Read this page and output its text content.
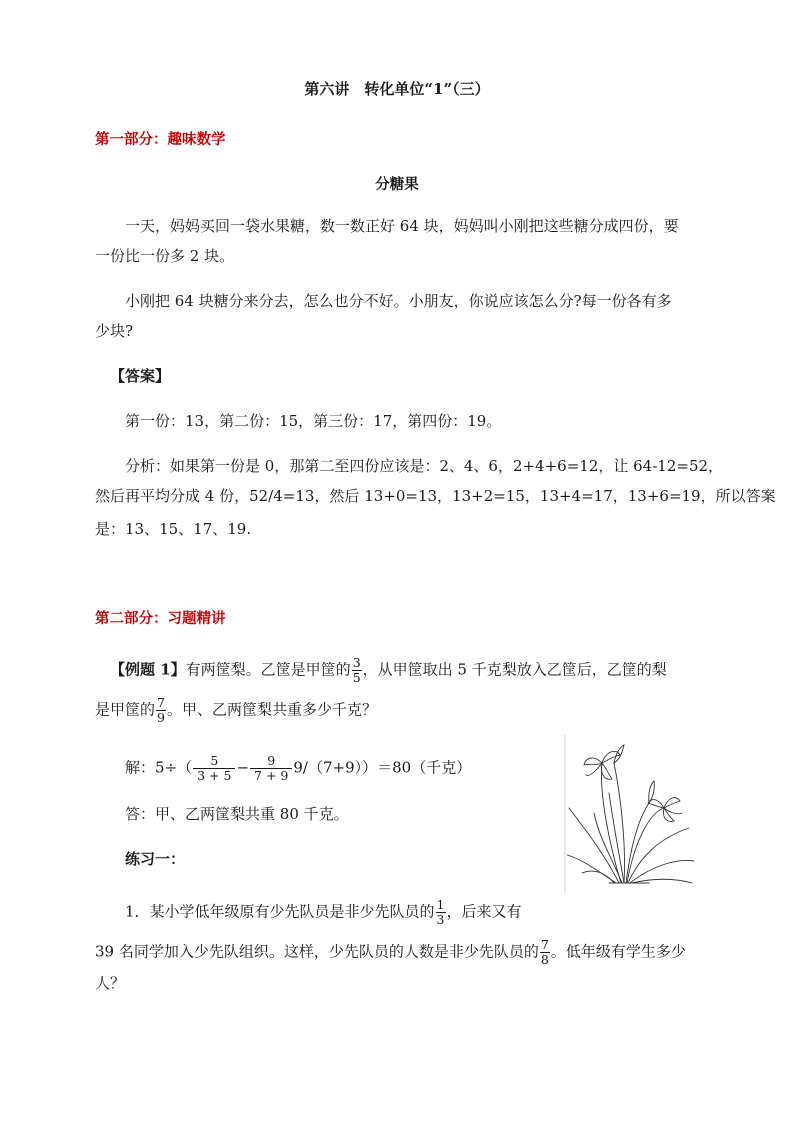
第六讲　转化单位“1”（三）
第一部分：趣味数学
分糖果
一天，妈妈买回一袋水果糖，数一数正好 64 块，妈妈叫小刚把这些糖分成四份，要
一份比一份多 2 块。
小刚把 64 块糖分来分去，怎么也分不好。小朋友，你说应该怎么分?每一份各有多
少块?
【答案】
第一份：13，第二份：15，第三份：17，第四份：19。
分析：如果第一份是 0，那第二至四份应该是：2、4、6，2+4+6=12，让 64-12=52，
然后再平均分成 4 份，52/4=13，然后 13+0=13，13+2=15，13+4=17，13+6=19，所以答案
是：13、15、17、19.
第二部分：习题精讲
【例题 1】有两筐梨。乙筐是甲筐的 $\frac{3}{5}$ ，从甲筐取出 5 千克梨放入乙筐后，乙筐的梨
是甲筐的 $\frac{7}{9}$ 。甲、乙两筐梨共重多少千克？
解：$5\div( \frac{5}{3 + 5} - \frac{9}{7 + 9} 9/(7+9))=80$（千克）
答：甲、乙两筐梨共重 80 千克。
练习一：
1．某小学低年级原有少先队员是非少先队员的 $\frac{1}{3}$ ，后来又有
39 名同学加入少先队组织。这样，少先队员的人数是非少先队员的 $\frac{7}{8}$ 。低年级有学生多少
人？
